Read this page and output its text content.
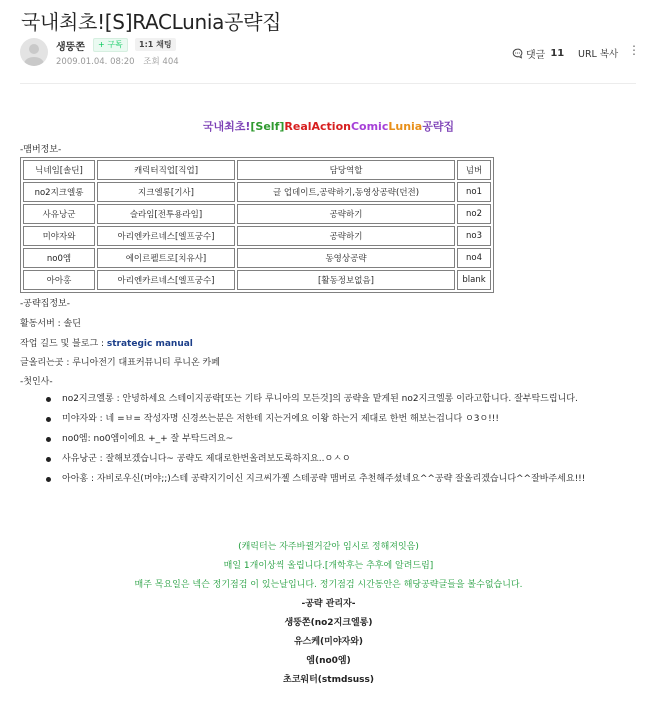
국내최초![S]RACLunia공략집
생뚱쫀	+ 구독	1:1 채팅
2009.01.04. 08:20 조회 404
댓글 11 URL 복사 ⋮
국내최초![Self]RealActionComicLunia공략집
-맴버정보-
닉네임[솔딘]	캐릭터직업[직업]	담당역할	넘버
no2지크엘롱	지크엘롱[기사]	글 업데이트,공략하기,동영상공략(던전)	no1
사유낭군	슬라임[전투용라임]	공략하기	no2
미야자와	아리엔카르네스[엘프궁수]	공략하기	no3
no0엠	에이르펠트로[치유사]	동영상공략	no4
아아홍	아리엔카르네스[엘프궁수]	[활동정보없음]	blank
-공략집정보-
활동서버 : 솔딘
작업 길드 및 블로그 : strategic manual
글올리는곳 : 루니아전기 대표커뮤니티 루니온 카페
-첫인사-
no2지크엘롱 : 안녕하세요 스테이지공략[또는 기타 루니아의 모든것]의 공략을 맡게된 no2지크엘롱 이라고합니다. 잘부탁드립니다.
미야자와 : 네 =ㅂ= 작성자명 신경쓰는분은 저한테 지는거에요 이왕 하는거 제대로 한번 해보는겁니다 ㅇ3ㅇ!!!
no0엠: no0엠이에요 +_+ 잘 부탁드려요~
사유낭군 : 잘해보겠습니다~ 공략도 제대로한번올려보도록하지요..ㅇㅅㅇ
아아홍 : 자비로우신(머야;;)스테 공략지기이신 지크씨가젤 스테공략 맴버로 추천해주셨네요^^공략 잘올리겠습니다^^잘바주세요!!!
(캐릭터는 자주바뀔거같아 임시로 정해져잇음)
매일 1개이상씩 올립니다.[개학후는 추후에 알려드림]
매주 목요일은 넥슨 정기점검 이 있는날입니다. 정기점검 시간동안은 해당공략글들을 볼수없습니다.
-공략 관리자-
생뚱쫀(no2지크엘롱)
유스케(미야자와)
엠(no0엠)
초코워터(stmdsuss)
